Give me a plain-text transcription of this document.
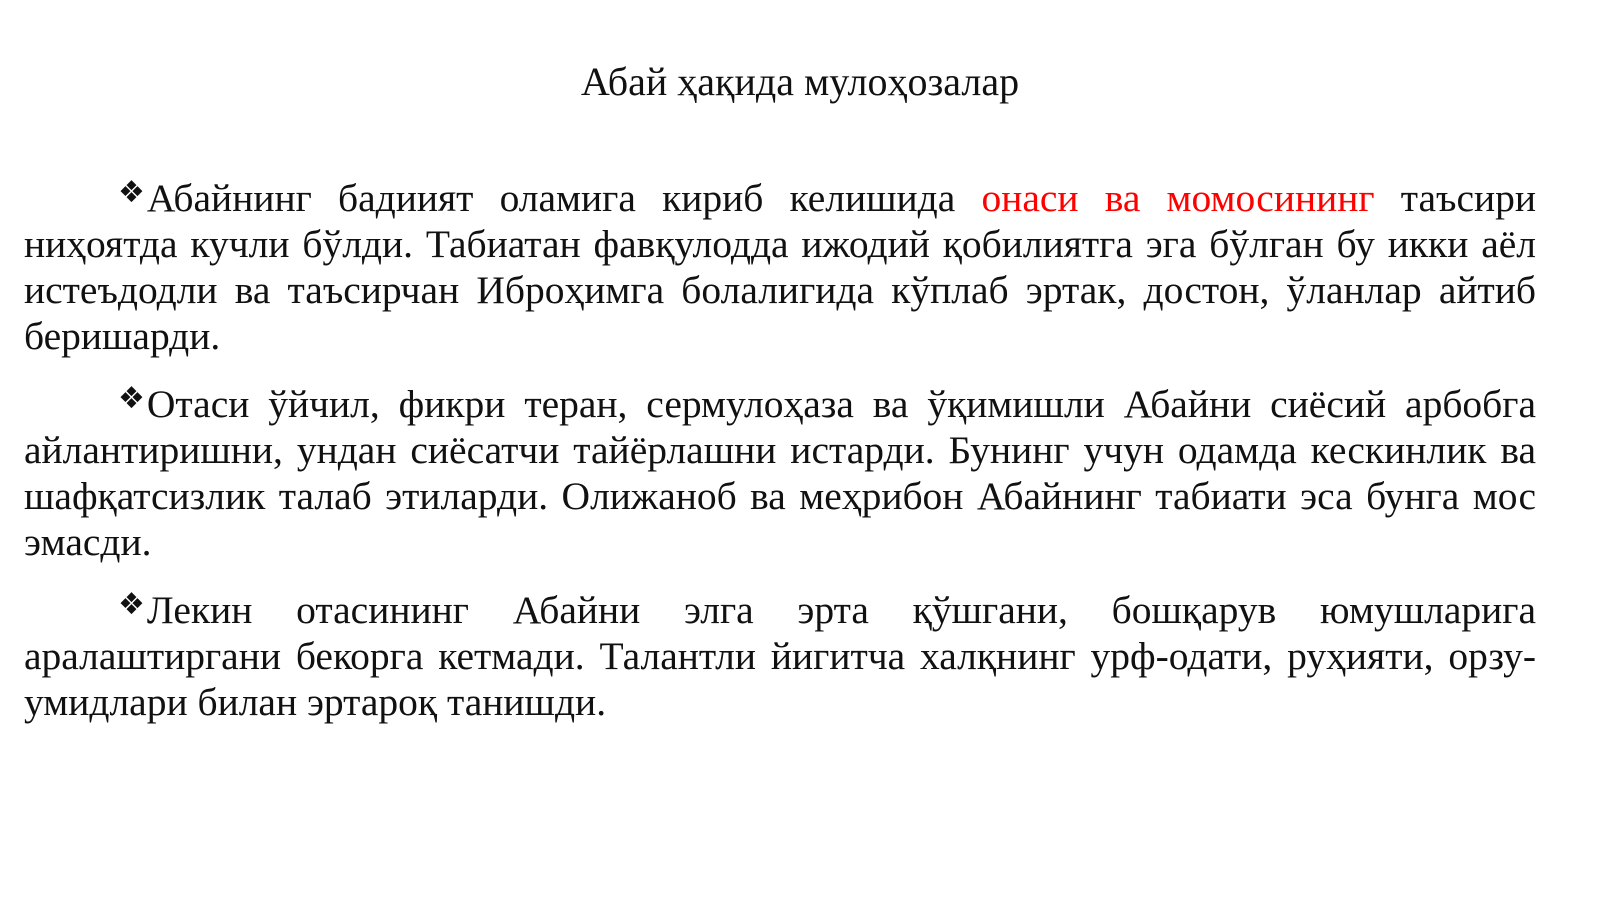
Абай ҳақида мулоҳозалар

❖Абайнинг бадиият оламига кириб келишида онаси ва момосининг таъсири ниҳоятда кучли бўлди. Табиатан фавқулодда ижодий қобилиятга эга бўлган бу икки аёл истеъдодли ва таъсирчан Иброҳимга болалигида кўплаб эртак, достон, ўланлар айтиб беришарди.

❖Отаси ўйчил, фикри теран, сермулоҳаза ва ўқимишли Абайни сиёсий арбобга айлантиришни, ундан сиёсатчи тайёрлашни истарди. Бунинг учун одамда кескинлик ва шафқатсизлик талаб этиларди. Олижаноб ва меҳрибон Абайнинг табиати эса бунга мос эмасди.

❖Лекин отасининг Абайни элга эрта қўшгани, бошқарув юмушларига аралаштиргани бекорга кетмади. Талантли йигитча халқнинг урф-одати, руҳияти, орзу-умидлари билан эртароқ танишди.
